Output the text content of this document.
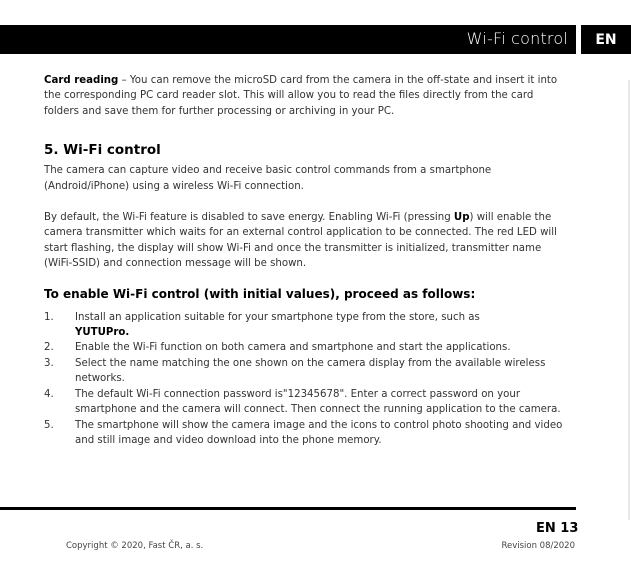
Wi-Fi control	EN

Card reading – You can remove the microSD card from the camera in the off-state and insert it into the corresponding PC card reader slot. This will allow you to read the files directly from the card folders and save them for further processing or archiving in your PC.

5. Wi-Fi control

The camera can capture video and receive basic control commands from a smartphone (Android/iPhone) using a wireless Wi-Fi connection.

By default, the Wi-Fi feature is disabled to save energy. Enabling Wi-Fi (pressing Up) will enable the camera transmitter which waits for an external control application to be connected. The red LED will start flashing, the display will show Wi-Fi and once the transmitter is initialized, transmitter name (WiFi-SSID) and connection message will be shown.

To enable Wi-Fi control (with initial values), proceed as follows:
1. Install an application suitable for your smartphone type from the store, such as
YUTUPro.
2. Enable the Wi-Fi function on both camera and smartphone and start the applications.
3. Select the name matching the one shown on the camera display from the available wireless networks.
4. The default Wi-Fi connection password is"12345678". Enter a correct password on your smartphone and the camera will connect. Then connect the running application to the camera.
5. The smartphone will show the camera image and the icons to control photo shooting and video and still image and video download into the phone memory.
EN 13
Copyright © 2020, Fast ČR, a. s.	Revision 08/2020
